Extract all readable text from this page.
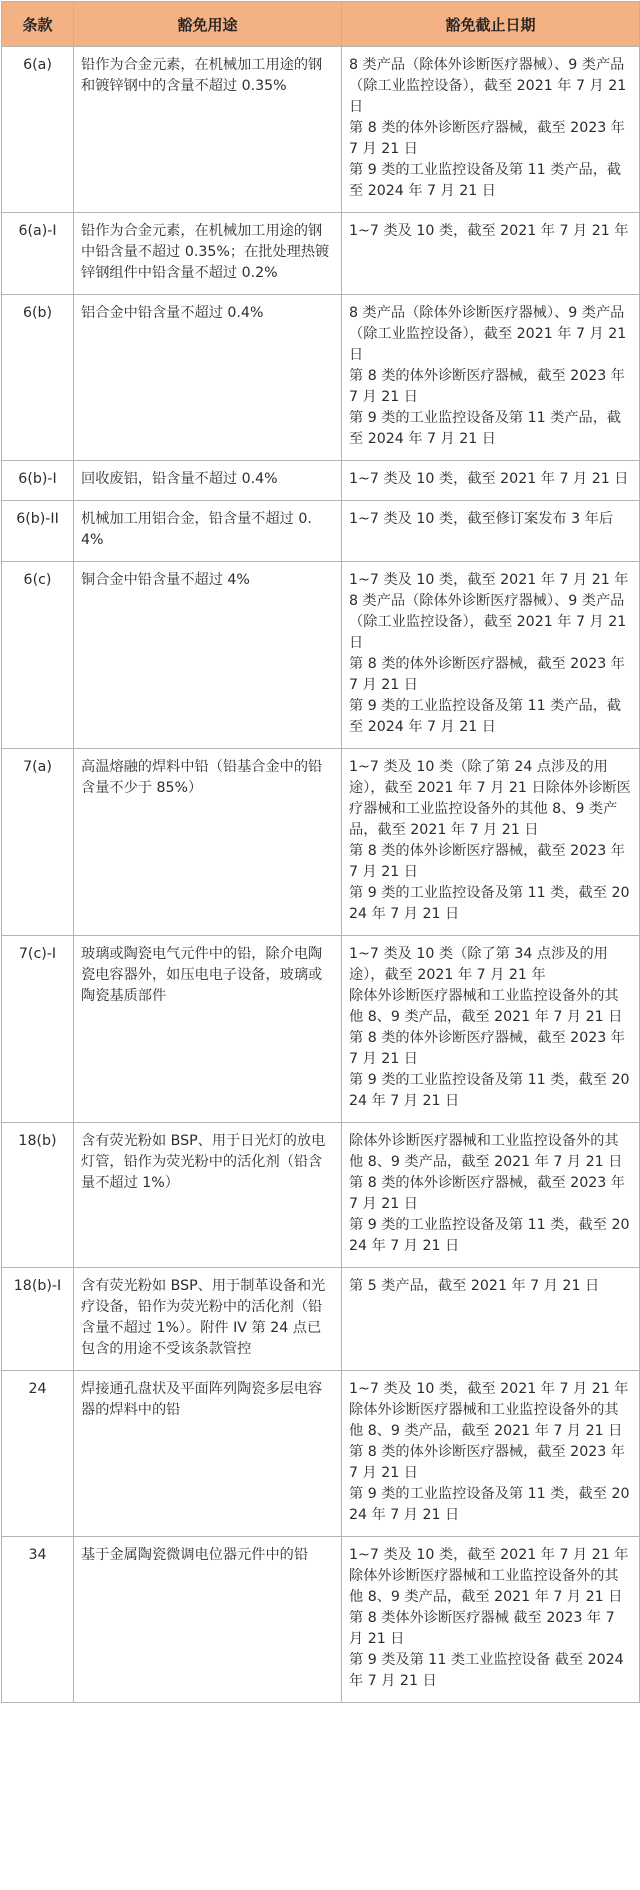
条款	豁免用途	豁免截止日期
6(a)	铅作为合金元素，在机械加工用途的钢和镀锌钢中的含量不超过 0.35%	8 类产品（除体外诊断医疗器械）、9 类产品（除工业监控设备），截至 2021 年 7 月 21 日
第 8 类的体外诊断医疗器械，截至 2023 年 7 月 21 日
第 9 类的工业监控设备及第 11 类产品，截至 2024 年 7 月 21 日

6(a)-I	铅作为合金元素，在机械加工用途的钢中铅含量不超过 0.35%；在批处理热镀锌钢组件中铅含量不超过 0.2%	1~7 类及 10 类，截至 2021 年 7 月 21 年

6(b)	铝合金中铅含量不超过 0.4%	8 类产品（除体外诊断医疗器械）、9 类产品（除工业监控设备），截至 2021 年 7 月 21 日
第 8 类的体外诊断医疗器械，截至 2023 年 7 月 21 日
第 9 类的工业监控设备及第 11 类产品，截至 2024 年 7 月 21 日

6(b)-I	回收废铝，铅含量不超过 0.4%	1~7 类及 10 类，截至 2021 年 7 月 21 日

6(b)-II	机械加工用铝合金，铅含量不超过 0.4%	1~7 类及 10 类，截至修订案发布 3 年后

6(c)	铜合金中铅含量不超过 4%	1~7 类及 10 类，截至 2021 年 7 月 21 年
8 类产品（除体外诊断医疗器械）、9 类产品（除工业监控设备），截至 2021 年 7 月 21 日
第 8 类的体外诊断医疗器械，截至 2023 年 7 月 21 日
第 9 类的工业监控设备及第 11 类产品，截至 2024 年 7 月 21 日

7(a)	高温熔融的焊料中铅（铅基合金中的铅含量不少于 85%）	1~7 类及 10 类（除了第 24 点涉及的用途），截至 2021 年 7 月 21 日除体外诊断医疗器械和工业监控设备外的其他 8、9 类产品，截至 2021 年 7 月 21 日
第 8 类的体外诊断医疗器械，截至 2023 年 7 月 21 日
第 9 类的工业监控设备及第 11 类，截至 2024 年 7 月 21 日

7(c)-I	玻璃或陶瓷电气元件中的铅，除介电陶瓷电容器外，如压电电子设备，玻璃或陶瓷基质部件	1~7 类及 10 类（除了第 34 点涉及的用途），截至 2021 年 7 月 21 年
除体外诊断医疗器械和工业监控设备外的其他 8、9 类产品，截至 2021 年 7 月 21 日
第 8 类的体外诊断医疗器械，截至 2023 年 7 月 21 日
第 9 类的工业监控设备及第 11 类，截至 2024 年 7 月 21 日

18(b)	含有荧光粉如 BSP、用于日光灯的放电灯管，铅作为荧光粉中的活化剂（铅含量不超过 1%）	除体外诊断医疗器械和工业监控设备外的其他 8、9 类产品，截至 2021 年 7 月 21 日
第 8 类的体外诊断医疗器械，截至 2023 年 7 月 21 日
第 9 类的工业监控设备及第 11 类，截至 2024 年 7 月 21 日

18(b)-I	含有荧光粉如 BSP、用于制革设备和光疗设备，铅作为荧光粉中的活化剂（铅含量不超过 1%）。附件 IV 第 24 点已包含的用途不受该条款管控	第 5 类产品，截至 2021 年 7 月 21 日

24	焊接通孔盘状及平面阵列陶瓷多层电容器的焊料中的铅	1~7 类及 10 类，截至 2021 年 7 月 21 年
除体外诊断医疗器械和工业监控设备外的其他 8、9 类产品，截至 2021 年 7 月 21 日
第 8 类的体外诊断医疗器械，截至 2023 年 7 月 21 日
第 9 类的工业监控设备及第 11 类，截至 2024 年 7 月 21 日

34	基于金属陶瓷微调电位器元件中的铅	1~7 类及 10 类，截至 2021 年 7 月 21 年
除体外诊断医疗器械和工业监控设备外的其他 8、9 类产品，截至 2021 年 7 月 21 日
第 8 类体外诊断医疗器械 截至 2023 年 7 月 21 日
第 9 类及第 11 类工业监控设备 截至 2024 年 7 月 21 日
